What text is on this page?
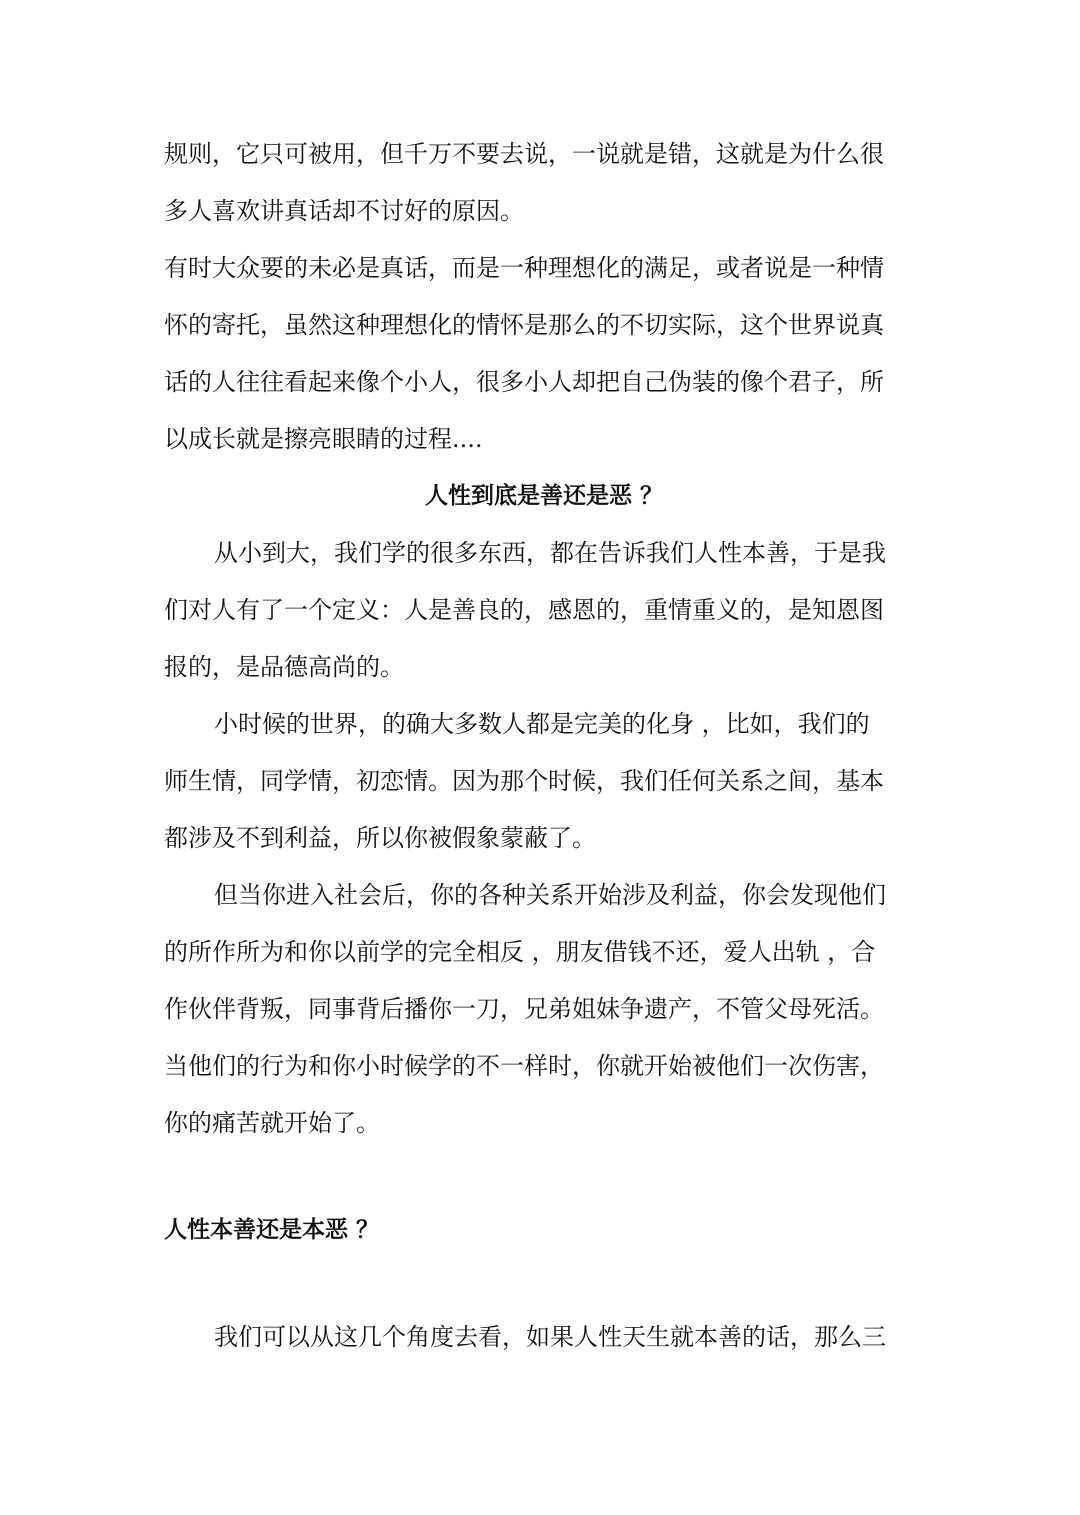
规则，它只可被用，但千万不要去说，一说就是错，这就是为什么很
多人喜欢讲真话却不讨好的原因。
有时大众要的未必是真话，而是一种理想化的满足，或者说是一种情
怀的寄托，虽然这种理想化的情怀是那么的不切实际，这个世界说真
话的人往往看起来像个小人，很多小人却把自己伪装的像个君子，所
以成长就是擦亮眼睛的过程....
人性到底是善还是恶 ？
从小到大，我们学的很多东西，都在告诉我们人性本善，于是我
们对人有了一个定义：人是善良的，感恩的，重情重义的，是知恩图
报的，是品德高尚的。
小时候的世界，的确大多数人都是完美的化身 ，比如，我们的
师生情，同学情，初恋情。因为那个时候，我们任何关系之间，基本
都涉及不到利益，所以你被假象蒙蔽了。
但当你进入社会后，你的各种关系开始涉及利益，你会发现他们
的所作所为和你以前学的完全相反 ，朋友借钱不还，爱人出轨 ，合
作伙伴背叛，同事背后播你一刀，兄弟姐妹争遗产，不管父母死活。
当他们的行为和你小时候学的不一样时，你就开始被他们一次伤害，
你的痛苦就开始了。
人性本善还是本恶 ？
我们可以从这几个角度去看，如果人性天生就本善的话，那么三
